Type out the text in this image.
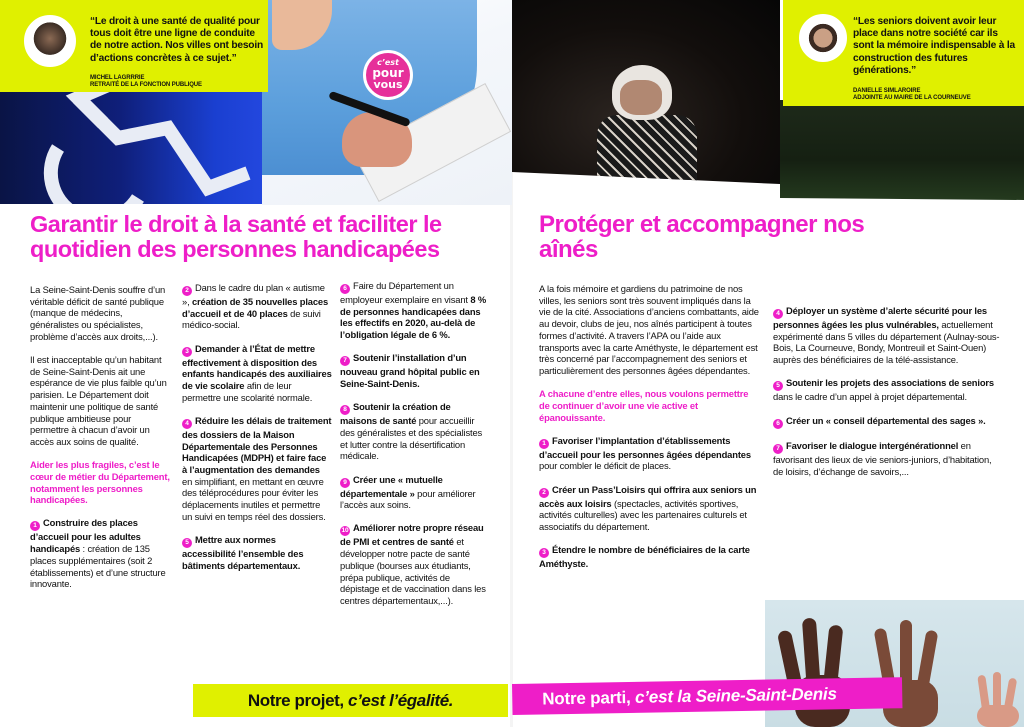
c’est
pour
vous
“Le droit à une santé de qualité pour tous doit être une ligne de conduite de notre action. Nos villes ont besoin d’actions concrètes à ce sujet.”
MICHEL LAGRRRIE
RETRAITÉ DE LA FONCTION PUBLIQUE
Garantir le droit à la santé et faciliter le quotidien des personnes handicapées

La Seine-Saint-Denis souffre d’un véritable déficit de santé publique (manque de médecins, généralistes ou spécialistes, problème d’accès aux droits,...).

Il est inacceptable qu’un habitant de Seine-Saint-Denis ait une espérance de vie plus faible qu’un parisien. Le Département doit maintenir une politique de santé publique ambitieuse pour permettre à chacun d’avoir un accès aux soins de qualité.

Aider les plus fragiles, c’est le cœur de métier du Département, notamment les personnes handicapées.

1 Construire des places d’accueil pour les adultes handicapés : création de 135 places supplémentaires (soit 2 établissements) et d’une structure innovante.

2 Dans le cadre du plan « autisme », création de 35 nouvelles places d’accueil et de 40 places de suivi médico-social.

3 Demander à l’État de mettre effectivement à disposition des enfants handicapés des auxiliaires de vie scolaire afin de leur permettre une scolarité normale.

4 Réduire les délais de traitement des dossiers de la Maison Départementale des Personnes Handicapées (MDPH) et faire face à l’augmentation des demandes en simplifiant, en mettant en œuvre des téléprocédures pour éviter les déplacements inutiles et permettre un suivi en temps réel des dossiers.

5 Mettre aux normes accessibilité l’ensemble des bâtiments départementaux.

6 Faire du Département un employeur exemplaire en visant 8 % de personnes handicapées dans les effectifs en 2020, au-delà de l’obligation légale de 6 %.

7 Soutenir l’installation d’un nouveau grand hôpital public en Seine-Saint-Denis.

8 Soutenir la création de maisons de santé pour accueillir des généralistes et des spécialistes et lutter contre la désertification médicale.

9 Créer une « mutuelle départementale » pour améliorer l’accès aux soins.

10 Améliorer notre propre réseau de PMI et centres de santé et développer notre pacte de santé publique (bourses aux étudiants, prépa publique, activités de dépistage et de vaccination dans les centres départementaux,...).

Notre projet, c’est l’égalité.
“Les seniors doivent avoir leur place dans notre société car ils sont la mémoire indispensable à la construction des futures générations.”
DANIELLE SIMLAROIRE
ADJOINTE AU MAIRE DE LA COURNEUVE
Protéger et accompagner nos aînés

A la fois mémoire et gardiens du patrimoine de nos villes, les seniors sont très souvent impliqués dans la vie de la cité. Associations d’anciens combattants, aide au devoir, clubs de jeu, nos aînés participent à toutes formes d’activité. A travers l’APA ou l’aide aux transports avec la carte Améthyste, le département est très concerné par l’accompagnement des seniors et particulièrement des personnes âgées dépendantes.

A chacune d’entre elles, nous voulons permettre de continuer d’avoir une vie active et épanouissante.

1 Favoriser l’implantation d’établissements d’accueil pour les personnes âgées dépendantes pour combler le déficit de places.

2 Créer un Pass’Loisirs qui offrira aux seniors un accès aux loisirs (spectacles, activités sportives, activités culturelles) avec les partenaires culturels et associatifs du département.

3 Étendre le nombre de bénéficiaires de la carte Améthyste.

4 Déployer un système d’alerte sécurité pour les personnes âgées les plus vulnérables, actuellement expérimenté dans 5 villes du département (Aulnay-sous-Bois, La Courneuve, Bondy, Montreuil et Saint-Ouen) auprès des bénéficiaires de la télé-assistance.

5 Soutenir les projets des associations de seniors dans le cadre d’un appel à projet départemental.

6 Créer un « conseil départemental des sages ».

7 Favoriser le dialogue intergénérationnel en favorisant des lieux de vie seniors-juniors, d’habitation, de loisirs, d’échange de savoirs,...

Notre parti, c’est la Seine-Saint-Denis
